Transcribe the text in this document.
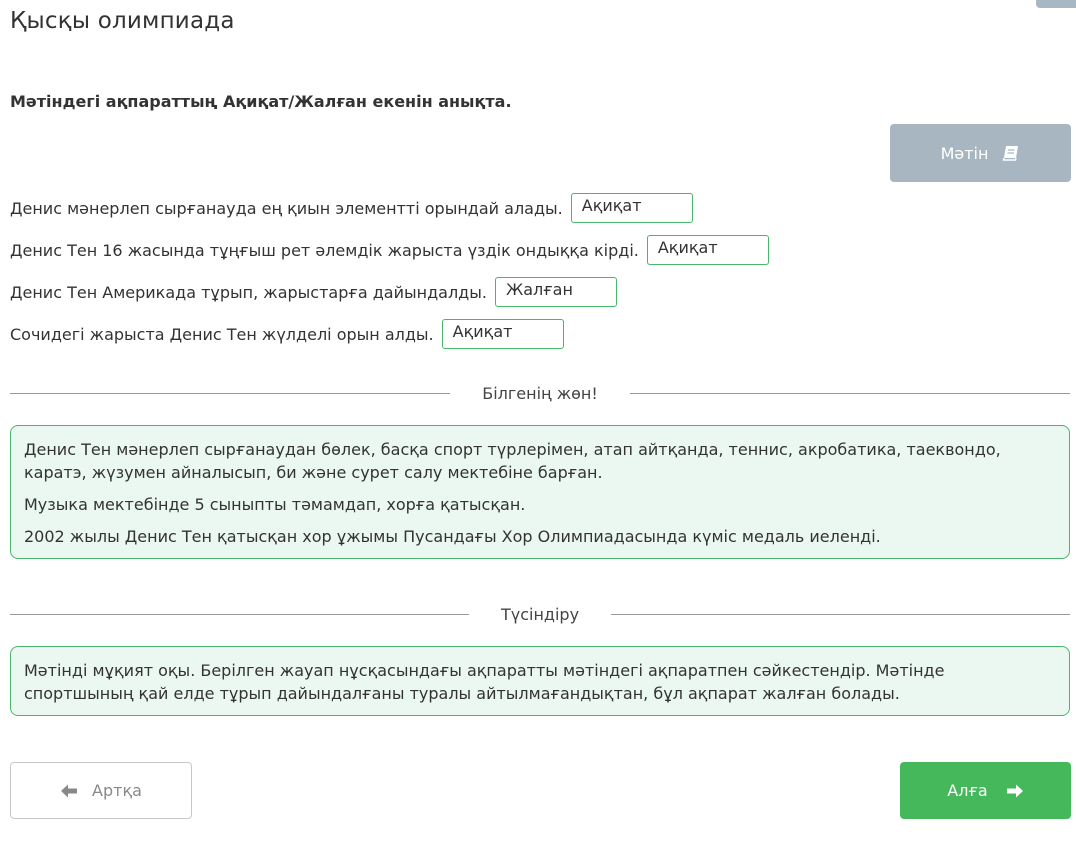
Қысқы олимпиада
Мәтіндегі ақпараттың Ақиқат/Жалған екенін анықта.
Мәтін
Денис мәнерлеп сырғанауда ең қиын элементті орындай алады.	Ақиқат
Денис Тен 16 жасында тұңғыш рет әлемдік жарыста үздік ондыққа кірді.	Ақиқат
Денис Тен Америкада тұрып, жарыстарға дайындалды.	Жалған
Сочидегі жарыста Денис Тен жүлделі орын алды.	Ақиқат
Білгенің жөн!

Денис Тен мәнерлеп сырғанаудан бөлек, басқа спорт түрлерімен, атап айтқанда, теннис, акробатика, таеквондо, каратэ, жүзумен айналысып, би және сурет салу мектебіне барған.

Музыка мектебінде 5 сыныпты тәмамдап, хорға қатысқан.

2002 жылы Денис Тен қатысқан хор ұжымы Пусандағы Хор Олимпиадасында күміс медаль иеленді.

Түсіндіру

Мәтінді мұқият оқы. Берілген жауап нұсқасындағы ақпаратты мәтіндегі ақпаратпен сәйкестендір. Мәтінде спортшының қай елде тұрып дайындалғаны туралы айтылмағандықтан, бұл ақпарат жалған болады.

Артқа	Алға
